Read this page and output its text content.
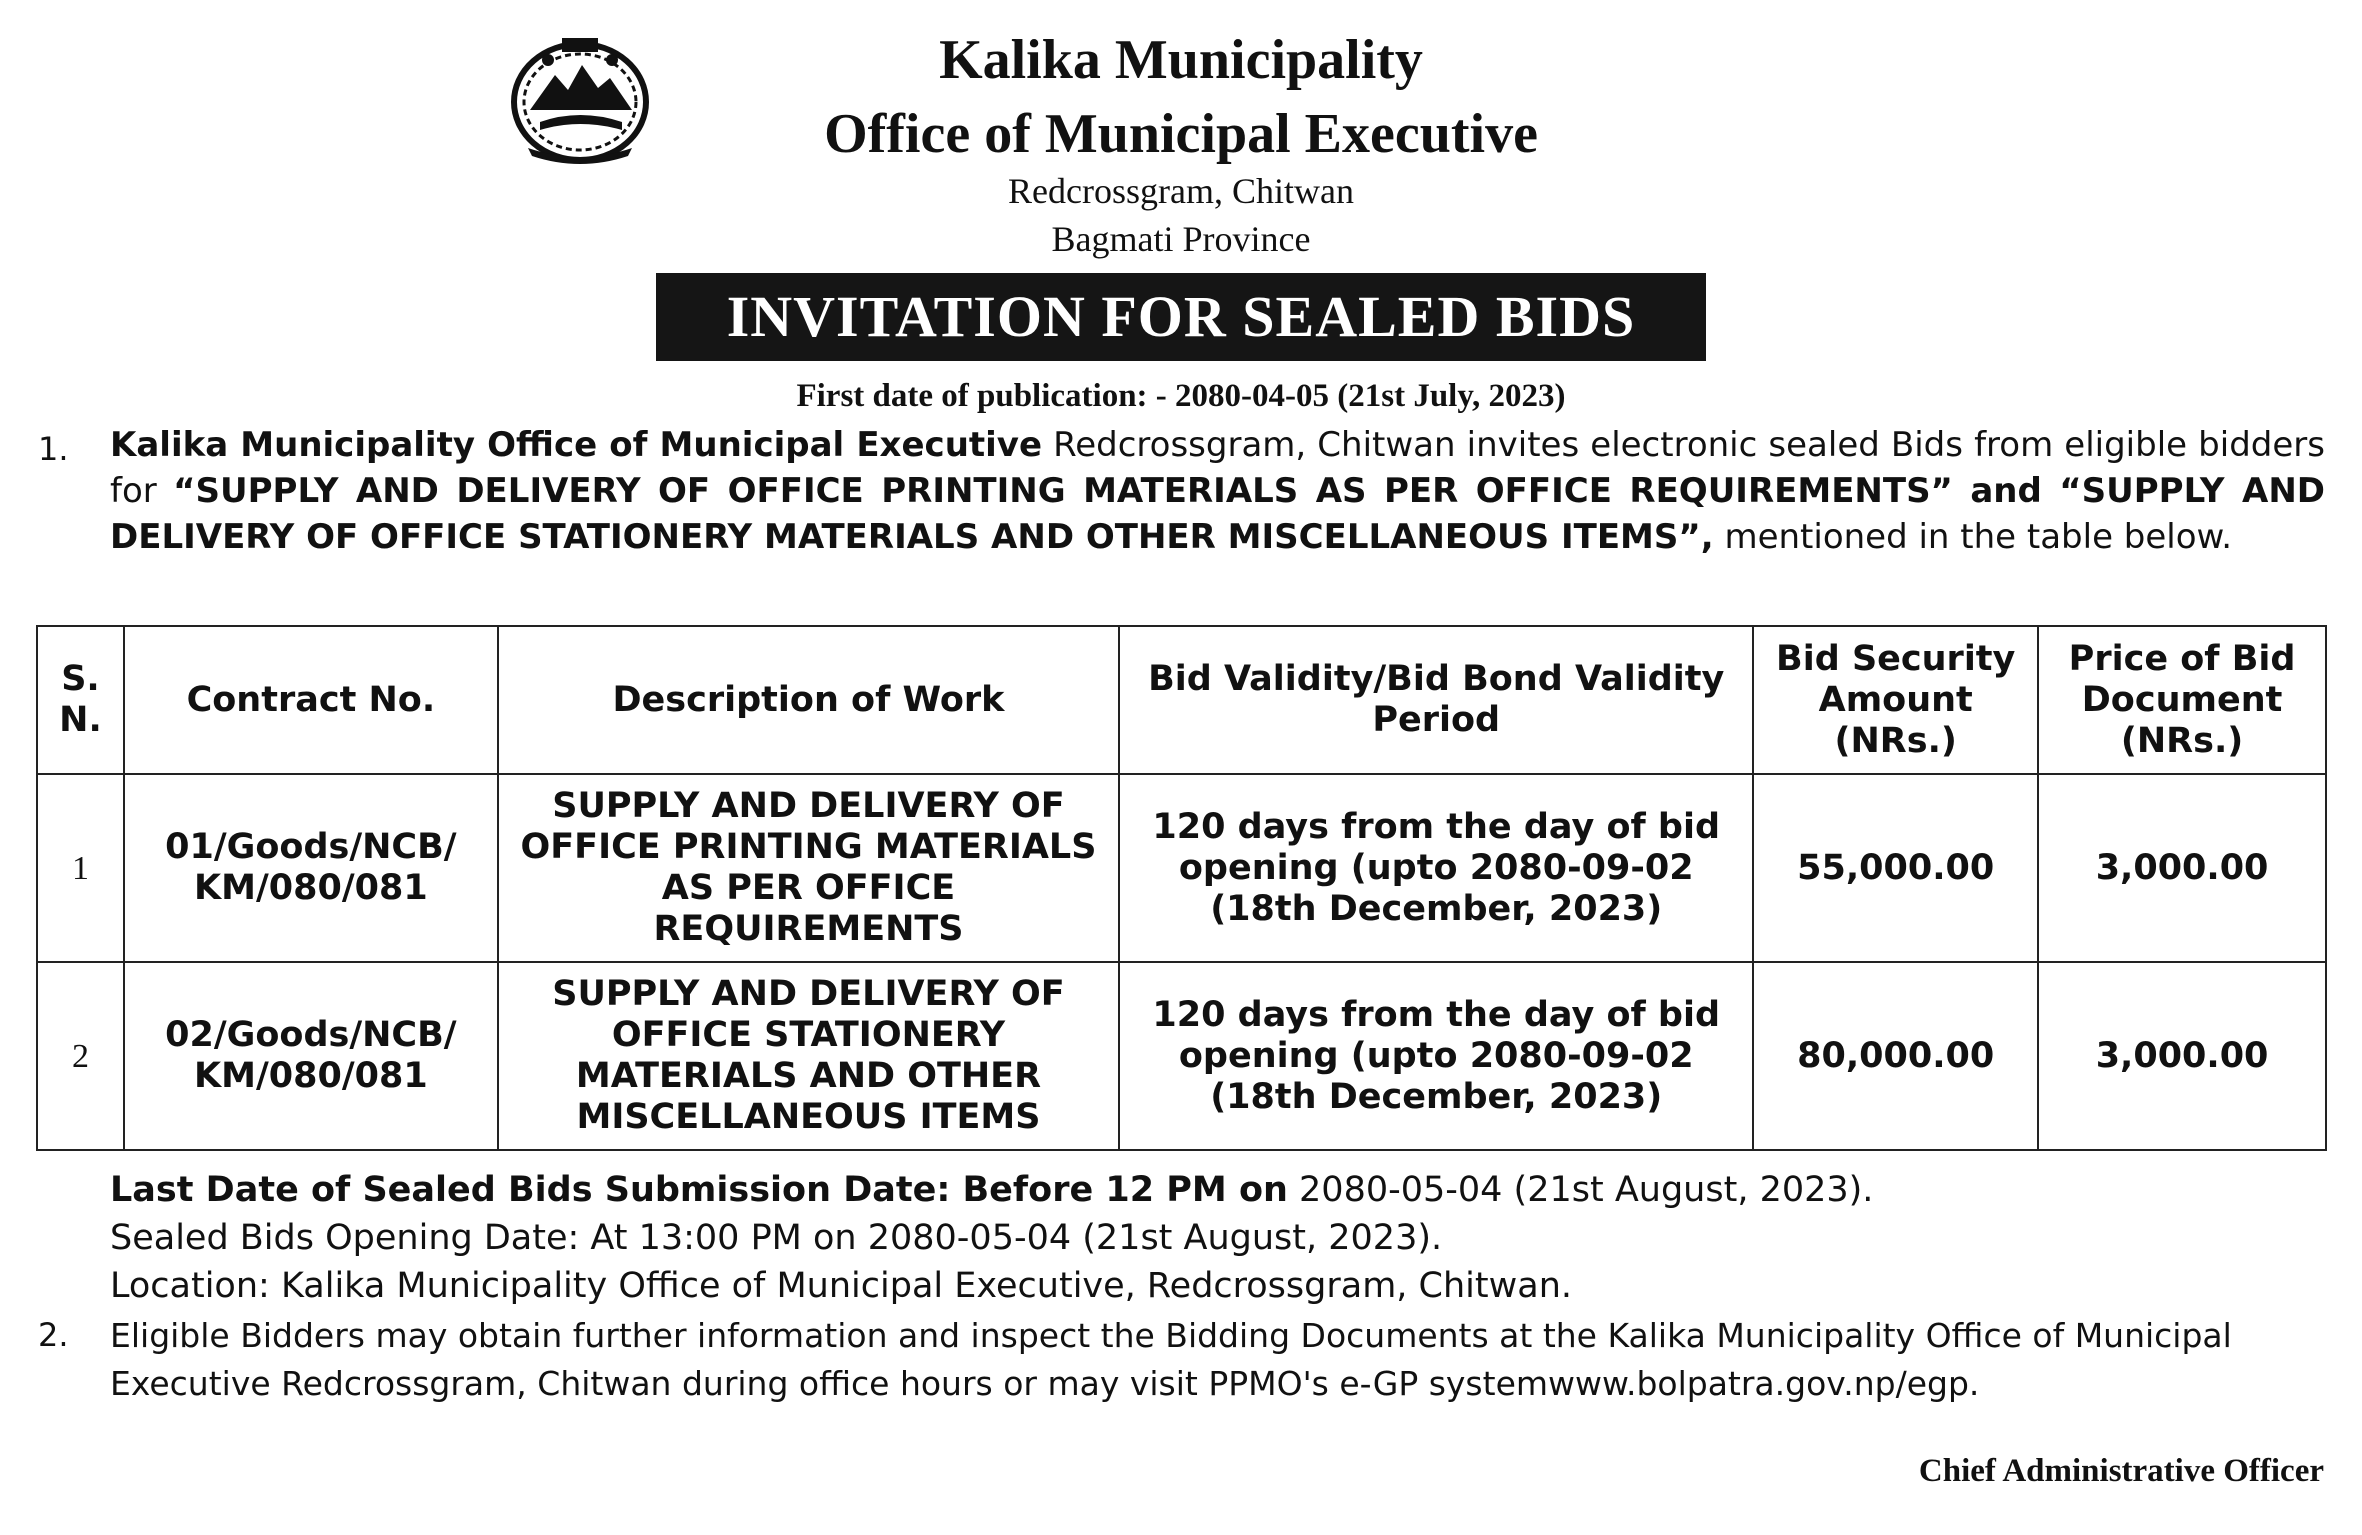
Kalika Municipality
Office of Municipal Executive
Redcrossgram, Chitwan
Bagmati Province
INVITATION FOR SEALED BIDS
First date of publication: - 2080-04-05 (21st July, 2023)
1. Kalika Municipality Office of Municipal Executive Redcrossgram, Chitwan invites electronic sealed Bids from eligible bidders for “SUPPLY AND DELIVERY OF OFFICE PRINTING MATERIALS AS PER OFFICE REQUIREMENTS” and “SUPPLY AND DELIVERY OF OFFICE STATIONERY MATERIALS AND OTHER MISCELLANEOUS ITEMS”, mentioned in the table below.
S. N.	Contract No.	Description of Work	Bid Validity/Bid Bond Validity Period	Bid Security Amount (NRs.)	Price of Bid Document (NRs.)
1	01/Goods/NCB/ KM/080/081	SUPPLY AND DELIVERY OF OFFICE PRINTING MATERIALS AS PER OFFICE REQUIREMENTS	120 days from the day of bid opening (upto 2080-09-02 (18th December, 2023)	55,000.00	3,000.00
2	02/Goods/NCB/ KM/080/081	SUPPLY AND DELIVERY OF OFFICE STATIONERY MATERIALS AND OTHER MISCELLANEOUS ITEMS	120 days from the day of bid opening (upto 2080-09-02 (18th December, 2023)	80,000.00	3,000.00
Last Date of Sealed Bids Submission Date: Before 12 PM on 2080-05-04 (21st August, 2023).
Sealed Bids Opening Date: At 13:00 PM on 2080-05-04 (21st August, 2023).
Location: Kalika Municipality Office of Municipal Executive, Redcrossgram, Chitwan.
2. Eligible Bidders may obtain further information and inspect the Bidding Documents at the Kalika Municipality Office of Municipal Executive Redcrossgram, Chitwan during office hours or may visit PPMO's e-GP systemwww.bolpatra.gov.np/egp.
Chief Administrative Officer
